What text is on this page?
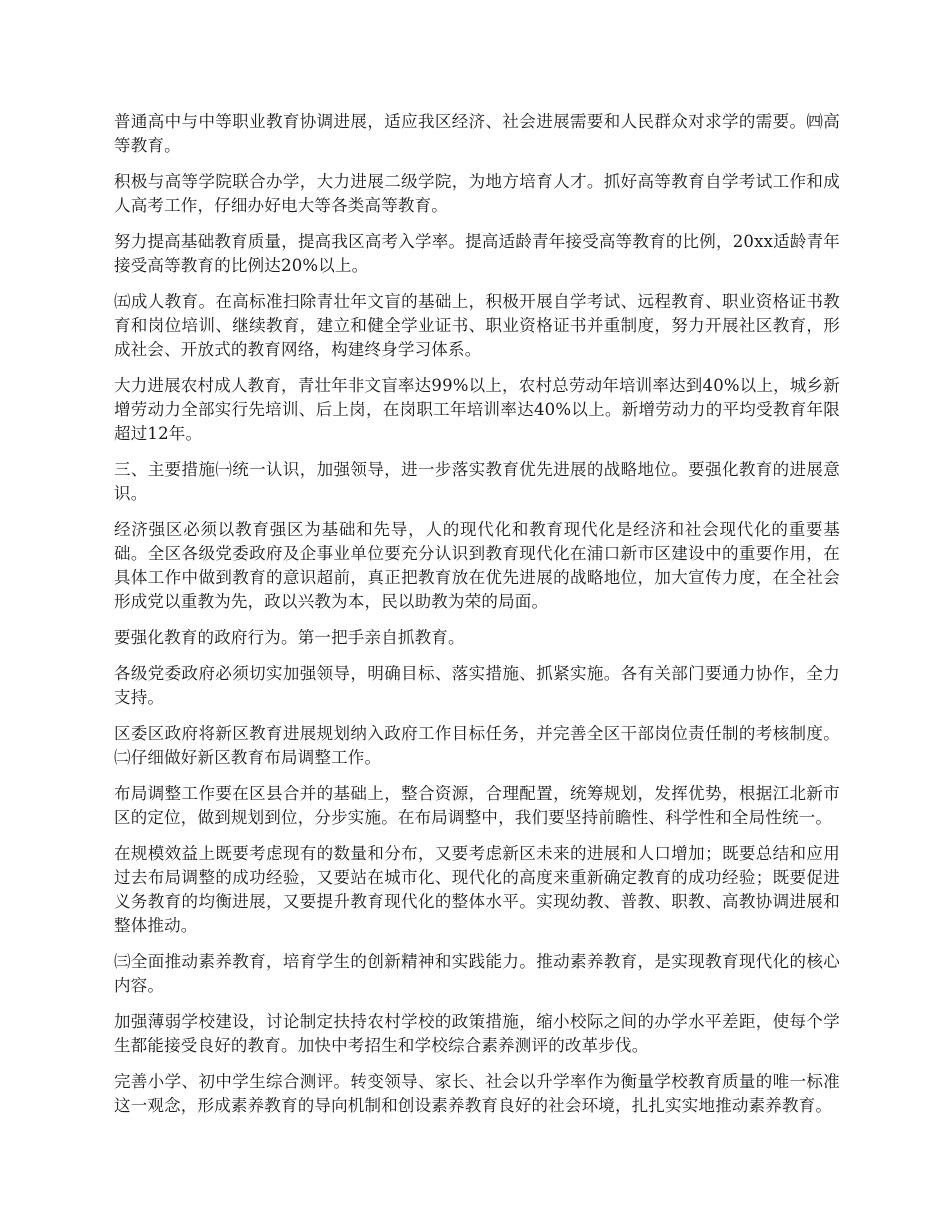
普通高中与中等职业教育协调进展，适应我区经济、社会进展需要和人民群众对求学的需要。㈣高等教育。

积极与高等学院联合办学，大力进展二级学院，为地方培育人才。抓好高等教育自学考试工作和成人高考工作，仔细办好电大等各类高等教育。

努力提高基础教育质量，提高我区高考入学率。提高适龄青年接受高等教育的比例，20xx适龄青年接受高等教育的比例达20%以上。

㈤成人教育。在高标准扫除青壮年文盲的基础上，积极开展自学考试、远程教育、职业资格证书教育和岗位培训、继续教育，建立和健全学业证书、职业资格证书并重制度，努力开展社区教育，形成社会、开放式的教育网络，构建终身学习体系。

大力进展农村成人教育，青壮年非文盲率达99%以上，农村总劳动年培训率达到40%以上，城乡新增劳动力全部实行先培训、后上岗，在岗职工年培训率达40%以上。新增劳动力的平均受教育年限超过12年。

三、主要措施㈠统一认识，加强领导，进一步落实教育优先进展的战略地位。要强化教育的进展意识。

经济强区必须以教育强区为基础和先导，人的现代化和教育现代化是经济和社会现代化的重要基础。全区各级党委政府及企事业单位要充分认识到教育现代化在浦口新市区建设中的重要作用，在具体工作中做到教育的意识超前，真正把教育放在优先进展的战略地位，加大宣传力度，在全社会形成党以重教为先，政以兴教为本，民以助教为荣的局面。

要强化教育的政府行为。第一把手亲自抓教育。

各级党委政府必须切实加强领导，明确目标、落实措施、抓紧实施。各有关部门要通力协作，全力支持。

区委区政府将新区教育进展规划纳入政府工作目标任务，并完善全区干部岗位责任制的考核制度。㈡仔细做好新区教育布局调整工作。

布局调整工作要在区县合并的基础上，整合资源，合理配置，统筹规划，发挥优势，根据江北新市区的定位，做到规划到位，分步实施。在布局调整中，我们要坚持前瞻性、科学性和全局性统一。

在规模效益上既要考虑现有的数量和分布，又要考虑新区未来的进展和人口增加；既要总结和应用过去布局调整的成功经验，又要站在城市化、现代化的高度来重新确定教育的成功经验；既要促进义务教育的均衡进展，又要提升教育现代化的整体水平。实现幼教、普教、职教、高教协调进展和整体推动。

㈢全面推动素养教育，培育学生的创新精神和实践能力。推动素养教育，是实现教育现代化的核心内容。

加强薄弱学校建设，讨论制定扶持农村学校的政策措施，缩小校际之间的办学水平差距，使每个学生都能接受良好的教育。加快中考招生和学校综合素养测评的改革步伐。

完善小学、初中学生综合测评。转变领导、家长、社会以升学率作为衡量学校教育质量的唯一标准这一观念，形成素养教育的导向机制和创设素养教育良好的社会环境，扎扎实实地推动素养教育。
